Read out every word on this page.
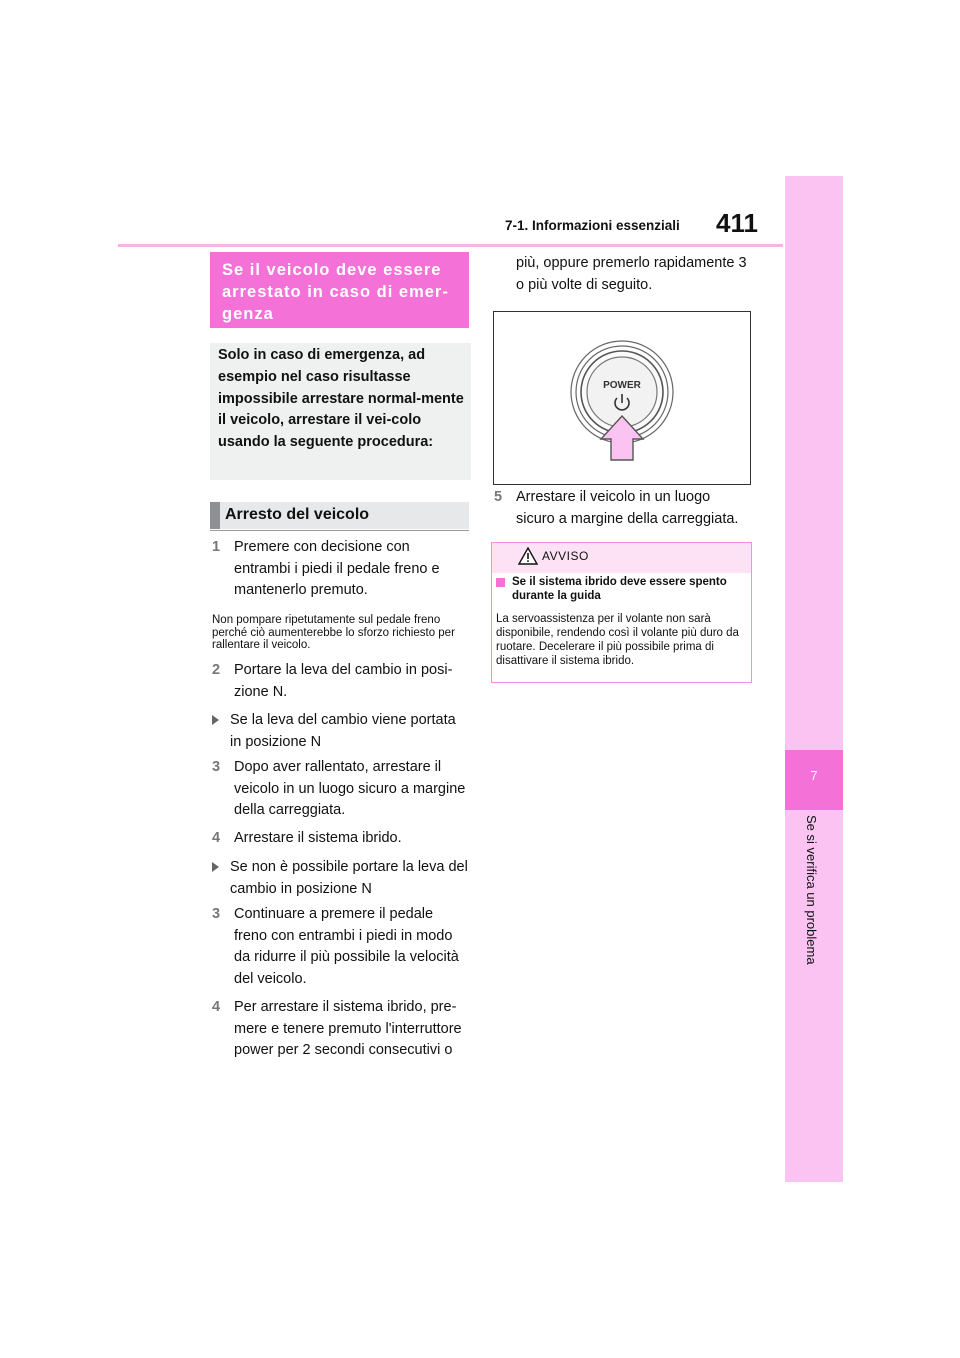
7-1. Informazioni essenziali 411
7
Se si verifica un problema
Se il veicolo deve essere arrestato in caso di emer-genza
Solo in caso di emergenza, ad esempio nel caso risultasse impossibile arrestare normal-mente il veicolo, arrestare il vei-colo usando la seguente procedura:
Arresto del veicolo
1 Premere con decisione con entrambi i piedi il pedale freno e mantenerlo premuto.
Non pompare ripetutamente sul pedale freno perché ciò aumenterebbe lo sforzo richiesto per rallentare il veicolo.
2 Portare la leva del cambio in posi-zione N.
Se la leva del cambio viene portata in posizione N
3 Dopo aver rallentato, arrestare il veicolo in un luogo sicuro a margine della carreggiata.
4 Arrestare il sistema ibrido.
Se non è possibile portare la leva del cambio in posizione N
3 Continuare a premere il pedale freno con entrambi i piedi in modo da ridurre il più possibile la velocità del veicolo.
4 Per arrestare il sistema ibrido, pre-mere e tenere premuto l'interruttore power per 2 secondi consecutivi o
più, oppure premerlo rapidamente 3 o più volte di seguito.
POWER
5 Arrestare il veicolo in un luogo sicuro a margine della carreggiata.
AVVISO
Se il sistema ibrido deve essere spento durante la guida
La servoassistenza per il volante non sarà disponibile, rendendo così il volante più duro da ruotare. Decelerare il più possibile prima di disattivare il sistema ibrido.
